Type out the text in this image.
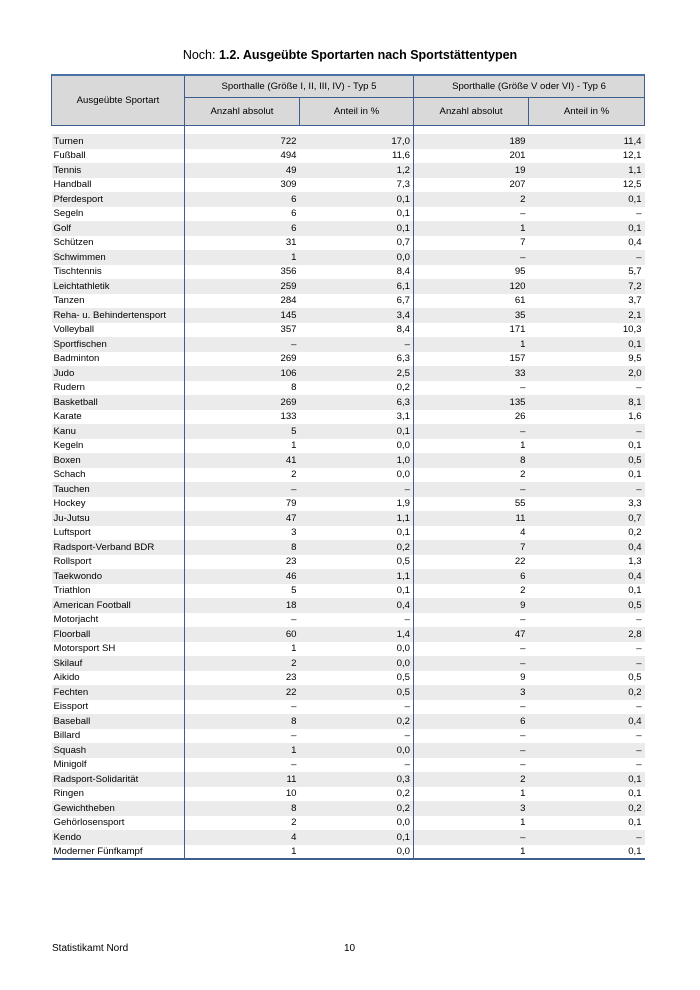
Noch: 1.2. Ausgeübte Sportarten nach Sportstättentypen
Ausgeübte Sportart	Sporthalle (Größe I, II, III, IV) - Typ 5		Sporthalle (Größe V oder VI) - Typ 6	
	Anzahl absolut	Anteil in %	Anzahl absolut	Anteil in %

Turnen	722	17,0	189	11,4
Fußball	494	11,6	201	12,1
Tennis	49	1,2	19	1,1
Handball	309	7,3	207	12,5
Pferdesport	6	0,1	2	0,1
Segeln	6	0,1	–	–
Golf	6	0,1	1	0,1
Schützen	31	0,7	7	0,4
Schwimmen	1	0,0	–	–
Tischtennis	356	8,4	95	5,7
Leichtathletik	259	6,1	120	7,2
Tanzen	284	6,7	61	3,7
Reha- u. Behindertensport	145	3,4	35	2,1
Volleyball	357	8,4	171	10,3
Sportfischen	–	–	1	0,1
Badminton	269	6,3	157	9,5
Judo	106	2,5	33	2,0
Rudern	8	0,2	–	–
Basketball	269	6,3	135	8,1
Karate	133	3,1	26	1,6
Kanu	5	0,1	–	–
Kegeln	1	0,0	1	0,1
Boxen	41	1,0	8	0,5
Schach	2	0,0	2	0,1
Tauchen	–	–	–	–
Hockey	79	1,9	55	3,3
Ju-Jutsu	47	1,1	11	0,7
Luftsport	3	0,1	4	0,2
Radsport-Verband BDR	8	0,2	7	0,4
Rollsport	23	0,5	22	1,3
Taekwondo	46	1,1	6	0,4
Triathlon	5	0,1	2	0,1
American Football	18	0,4	9	0,5
Motorjacht	–	–	–	–
Floorball	60	1,4	47	2,8
Motorsport SH	1	0,0	–	–
Skilauf	2	0,0	–	–
Aikido	23	0,5	9	0,5
Fechten	22	0,5	3	0,2
Eissport	–	–	–	–
Baseball	8	0,2	6	0,4
Billard	–	–	–	–
Squash	1	0,0	–	–
Minigolf	–	–	–	–
Radsport-Solidarität	11	0,3	2	0,1
Ringen	10	0,2	1	0,1
Gewichtheben	8	0,2	3	0,2
Gehörlosensport	2	0,0	1	0,1
Kendo	4	0,1	–	–
Moderner Fünfkampf	1	0,0	1	0,1
Statistikamt Nord	10
